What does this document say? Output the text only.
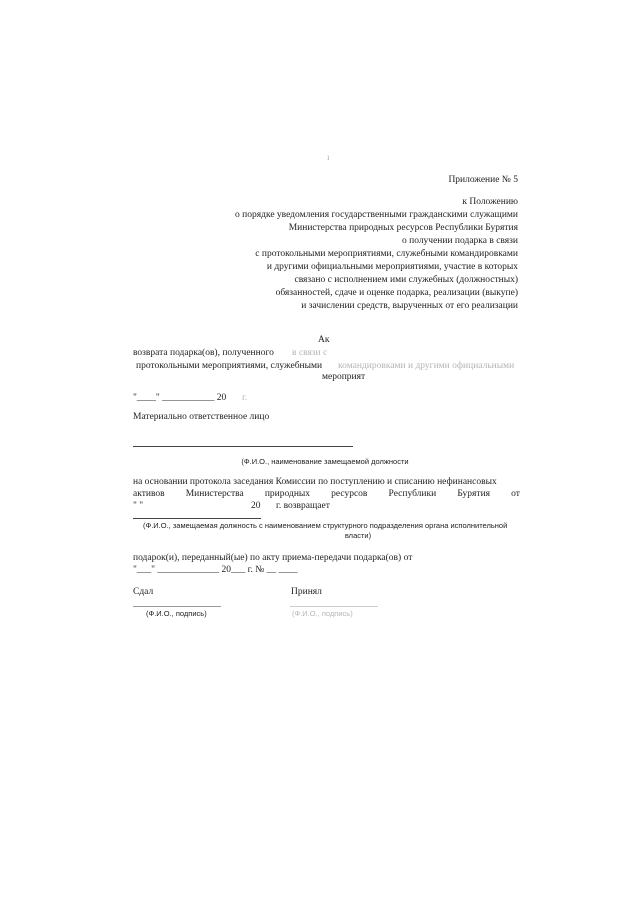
ı
Приложение № 5
к Положению
о порядке уведомления государственными гражданскими служащими
Министерства природных ресурсов Республики Бурятия
о получении подарка в связи
с протокольными мероприятиями, служебными командировками
и другими официальными мероприятиями, участие в которых
связано с исполнением ими служебных (должностных)
обязанностей, сдаче и оценке подарка, реализации (выкупе)
и зачислении средств, вырученных от его реализации
Ак
возврата подарка(ов), полученного в связи с
протокольными мероприятиями, служебными командировками и другими официальными
мероприят
"____" ___________ 20 г.
Материально ответственное лицо
(Ф.И.О., наименование замещаемой должности
на основании протокола заседания Комиссии по поступлению и списанию нефинансовых
активов Министерства природных ресурсов Республики Бурятия от
" "	20 г. возвращает
(Ф.И.О., замещаемая должность с наименованием структурного подразделения органа исполнительной
власти)
подарок(и), переданный(ые) по акту приема-передачи подарка(ов) от
"___" _____________ 20___ г. № __ ____
Сдал	Принял
(Ф.И.О., подпись)	(Ф.И.О., подпись)
